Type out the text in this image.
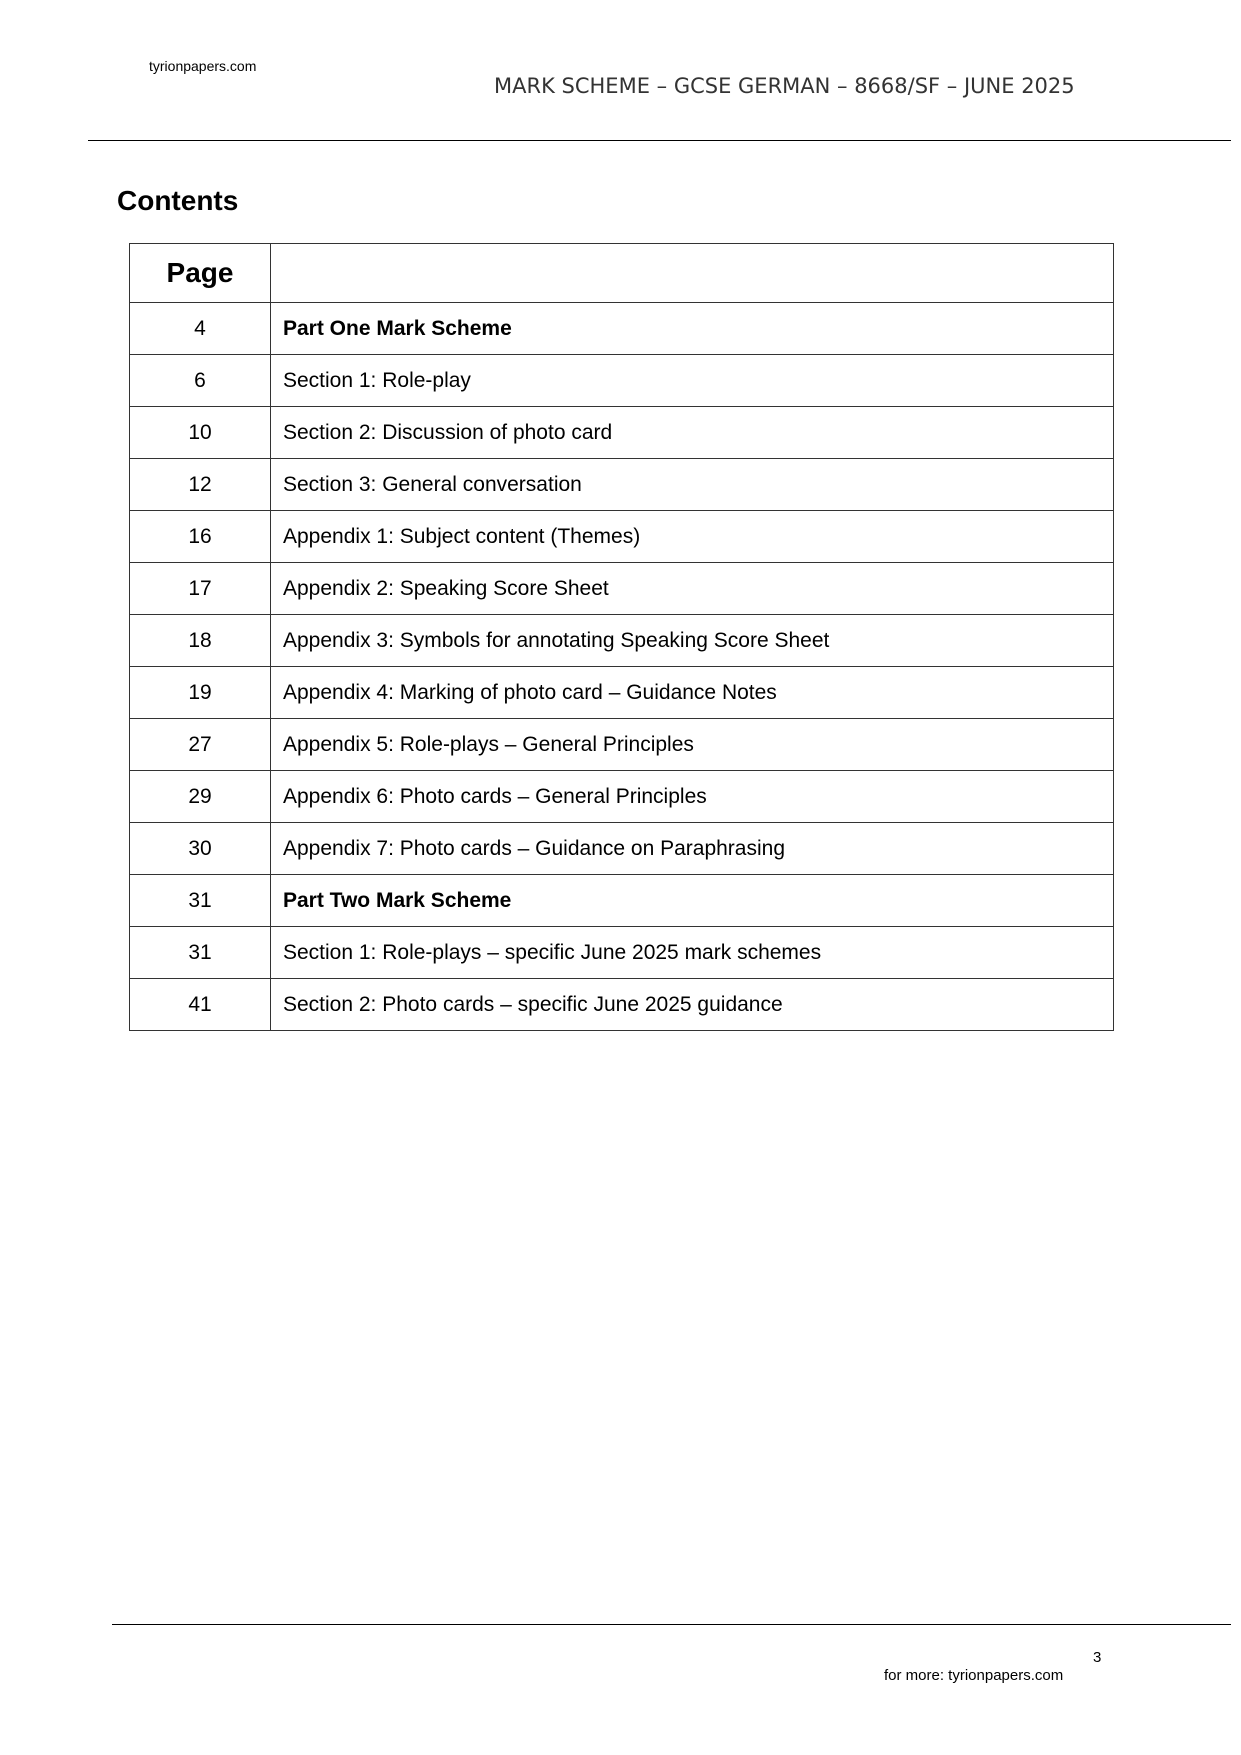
tyrionpapers.com
MARK SCHEME – GCSE GERMAN – 8668/SF – JUNE 2025
Contents
Page	
4	Part One Mark Scheme
6	Section 1: Role-play
10	Section 2: Discussion of photo card
12	Section 3: General conversation
16	Appendix 1: Subject content (Themes)
17	Appendix 2: Speaking Score Sheet
18	Appendix 3: Symbols for annotating Speaking Score Sheet
19	Appendix 4: Marking of photo card – Guidance Notes
27	Appendix 5: Role-plays – General Principles
29	Appendix 6: Photo cards – General Principles
30	Appendix 7: Photo cards – Guidance on Paraphrasing
31	Part Two Mark Scheme
31	Section 1: Role-plays – specific June 2025 mark schemes
41	Section 2: Photo cards – specific June 2025 guidance
3
for more: tyrionpapers.com
